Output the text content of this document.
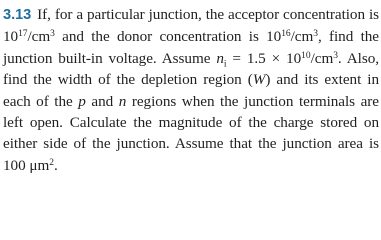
3.13 If, for a particular junction, the acceptor concentration is $10^{17}/cm^3$ and the donor concentration is $10^{16}/cm^3$, find the junction built-in voltage. Assume $n_i = 1.5 \times 10^{10}/cm^3$. Also, find the width of the depletion region (W) and its extent in each of the p and n regions when the junction terminals are left open. Calculate the magnitude of the charge stored on either side of the junction. Assume that the junction area is 100 $\mu m^2$.
